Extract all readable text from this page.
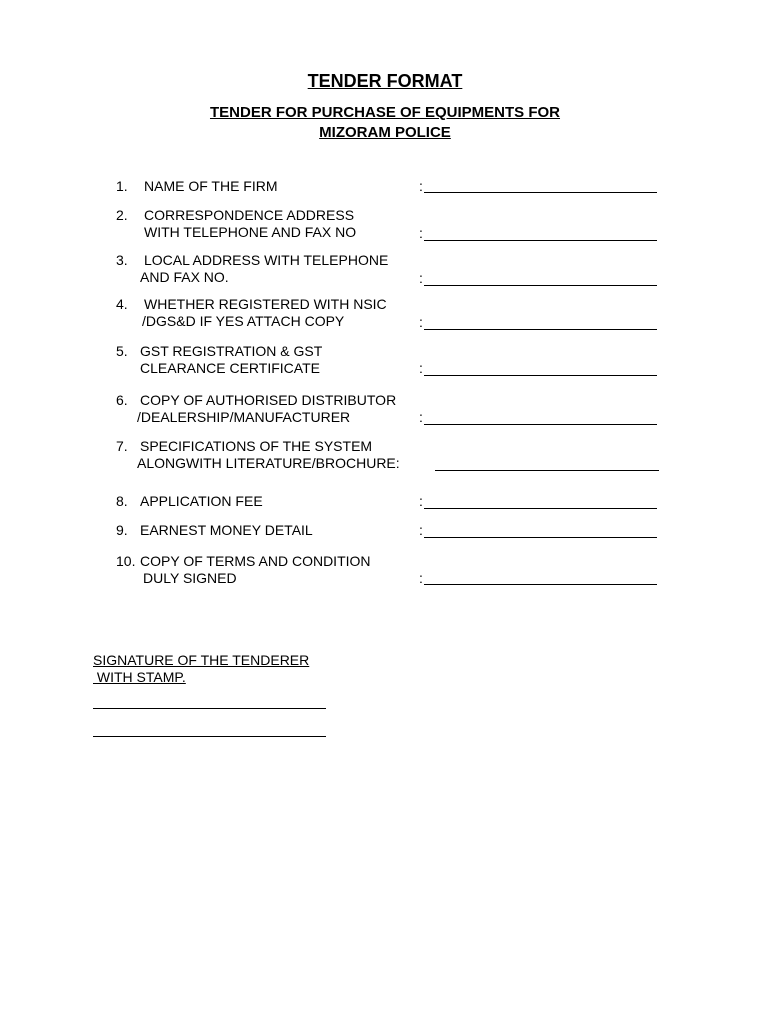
TENDER FORMAT
TENDER FOR PURCHASE OF EQUIPMENTS FOR
MIZORAM POLICE
1. NAME OF THE FIRM	:
2. CORRESPONDENCE ADDRESS
WITH TELEPHONE AND FAX NO	:
3. LOCAL ADDRESS WITH TELEPHONE
AND FAX NO.	:
4. WHETHER REGISTERED WITH NSIC
/DGS&D IF YES ATTACH COPY	:
5. GST REGISTRATION & GST
CLEARANCE CERTIFICATE	:
6. COPY OF AUTHORISED DISTRIBUTOR
/DEALERSHIP/MANUFACTURER	:
7. SPECIFICATIONS OF THE SYSTEM
ALONGWITH LITERATURE/BROCHURE:
8. APPLICATION FEE	:
9. EARNEST MONEY DETAIL	:
10. COPY OF TERMS AND CONDITION
DULY SIGNED	:
SIGNATURE OF THE TENDERER
WITH STAMP.
